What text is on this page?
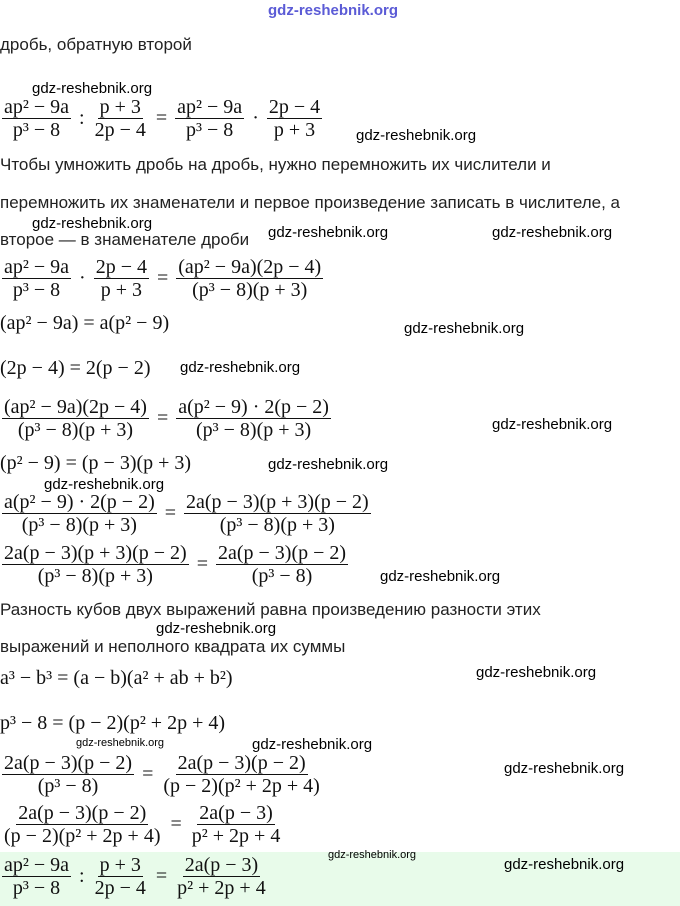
gdz-reshebnik.org
gdz-reshebnik.org
gdz-reshebnik.org
gdz-reshebnik.org
gdz-reshebnik.org	gdz-reshebnik.org
gdz-reshebnik.org
gdz-reshebnik.org
gdz-reshebnik.org
gdz-reshebnik.org
gdz-reshebnik.org
gdz-reshebnik.org
gdz-reshebnik.org
gdz-reshebnik.org
gdz-reshebnik.org	gdz-reshebnik.org
gdz-reshebnik.org
gdz-reshebnik.org
gdz-reshebnik.org
дробь, обратную второй
Чтобы умножить дробь на дробь, нужно перемножить их числители и
перемножить их знаменатели и первое произведение записать в числителе, а
второе — в знаменателе дроби
Разность кубов двух выражений равна произведению разности этих
выражений и неполного квадрата их суммы
$\frac{\text{ap² − 9a}}{\text{p³ − 8}}$ : $\frac{p + 3}{2p - 4} = \frac{\text{ap² − 9a}}{\text{p³ − 8}} \cdot \frac{2p - 4}{p + 3}$
$\frac{\text{ap² − 9a}}{\text{p³ − 8}} \cdot \frac{2p - 4}{p + 3} = \frac{\text{(ap² − 9a)(2p − 4)}}{\text{(p³ − 8)(p + 3)}}$
(ap² − 9a) = a(p² − 9)
(2p − 4) = 2(p − 2)
$\frac{\text{(ap² − 9a)(2p − 4)}}{\text{(p³ − 8)(p + 3)}} = \frac{\text{a(p² − 9) · 2(p − 2)}}{\text{(p³ − 8)(p + 3)}}$
(p² − 9) = (p − 3)(p + 3)
$\frac{\text{a(p² − 9) · 2(p − 2)}}{\text{(p³ − 8)(p + 3)}} = \frac{2a(p - 3)(p + 3)(p - 2)}{\text{(p³ − 8)(p + 3)}}$
$\frac{2a(p - 3)(p + 3)(p - 2)}{\text{(p³ − 8)(p + 3)}} = \frac{2a(p - 3)(p - 2)}{\text{(p³ − 8)}}$
a³ − b³ = (a − b)(a² + ab + b²)
p³ − 8 = (p − 2)(p² + 2p + 4)
$\frac{2a(p - 3)(p - 2)}{\text{(p³ − 8)}} = \frac{2a(p - 3)(p - 2)}{\text{(p − 2)(p² + 2p + 4)}}$
$\frac{2a(p - 3)(p - 2)}{\text{(p − 2)(p² + 2p + 4)}} = \frac{2a(p - 3)}{\text{p² + 2p + 4}}$
$\frac{\text{ap² − 9a}}{\text{p³ − 8}}$ : $\frac{p + 3}{2p - 4} = \frac{2a(p - 3)}{\text{p² + 2p + 4}}$
